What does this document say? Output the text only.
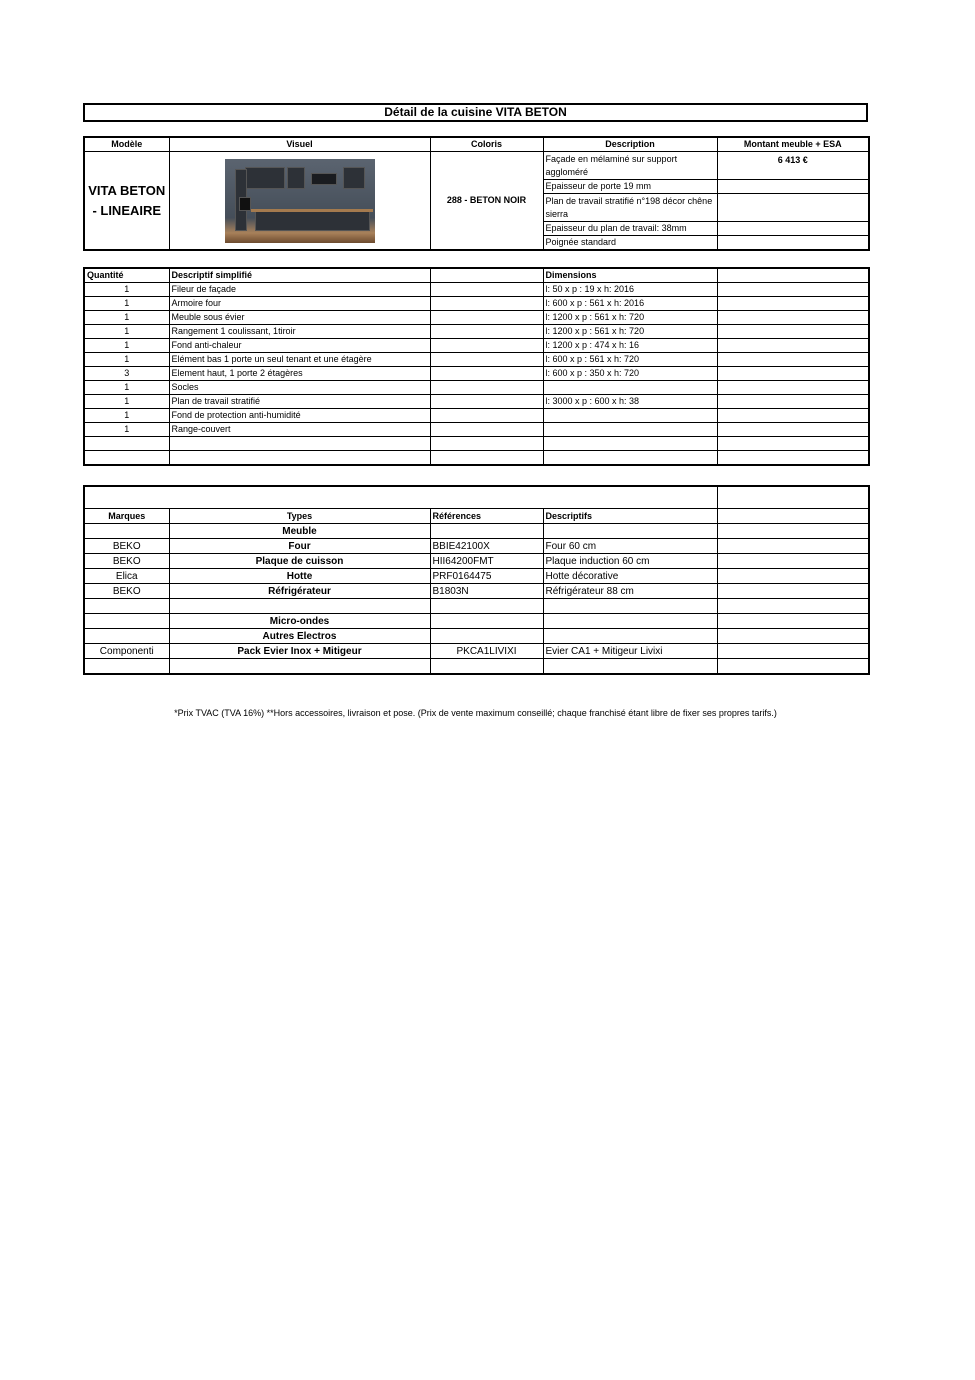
Détail de la cuisine VITA BETON
Modèle	Visuel	Coloris	Description	Montant meuble + ESA

VITA BETON - LINEAIRE		288 - BETON NOIR	Façade en mélaminé sur support aggloméré	6 413 €
			Epaisseur de porte 19 mm	
			Plan de travail stratifié n°198 décor chêne sierra	
			Epaisseur du plan de travail: 38mm	
			Poignée standard	
Quantité	Descriptif simplifié		Dimensions	
1	Fileur de façade		l: 50 x p : 19 x h: 2016	
1	Armoire four		l: 600 x p : 561 x h: 2016	
1	Meuble sous évier		l: 1200 x p : 561 x h: 720	
1	Rangement 1 coulissant, 1tiroir		l: 1200 x p : 561 x h: 720	
1	Fond anti-chaleur		l: 1200 x p : 474 x h: 16	
1	Elément bas 1 porte un seul tenant et une étagère		l: 600 x p : 561 x h: 720	
3	Element haut, 1 porte 2 étagères		l: 600 x p : 350 x h: 720	
1	Socles			
1	Plan de travail stratifié		l: 3000 x p : 600 x h: 38	
1	Fond de protection anti-humidité			
1	Range-couvert			

Marques	Types	Références	Descriptifs	
	Meuble			
BEKO	Four	BBIE42100X	Four 60 cm	
BEKO	Plaque de cuisson	HII64200FMT	Plaque induction 60 cm	
Elica	Hotte	PRF0164475	Hotte décorative	
BEKO	Réfrigérateur	B1803N	Réfrigérateur 88 cm	

	Micro-ondes			
	Autres Electros			
Componenti	Pack Evier Inox + Mitigeur	PKCA1LIVIXI	Evier CA1 + Mitigeur Livixi	

*Prix TVAC (TVA 16%) **Hors accessoires, livraison et pose. (Prix de vente maximum conseillé; chaque franchisé étant libre de fixer ses propres tarifs.)
